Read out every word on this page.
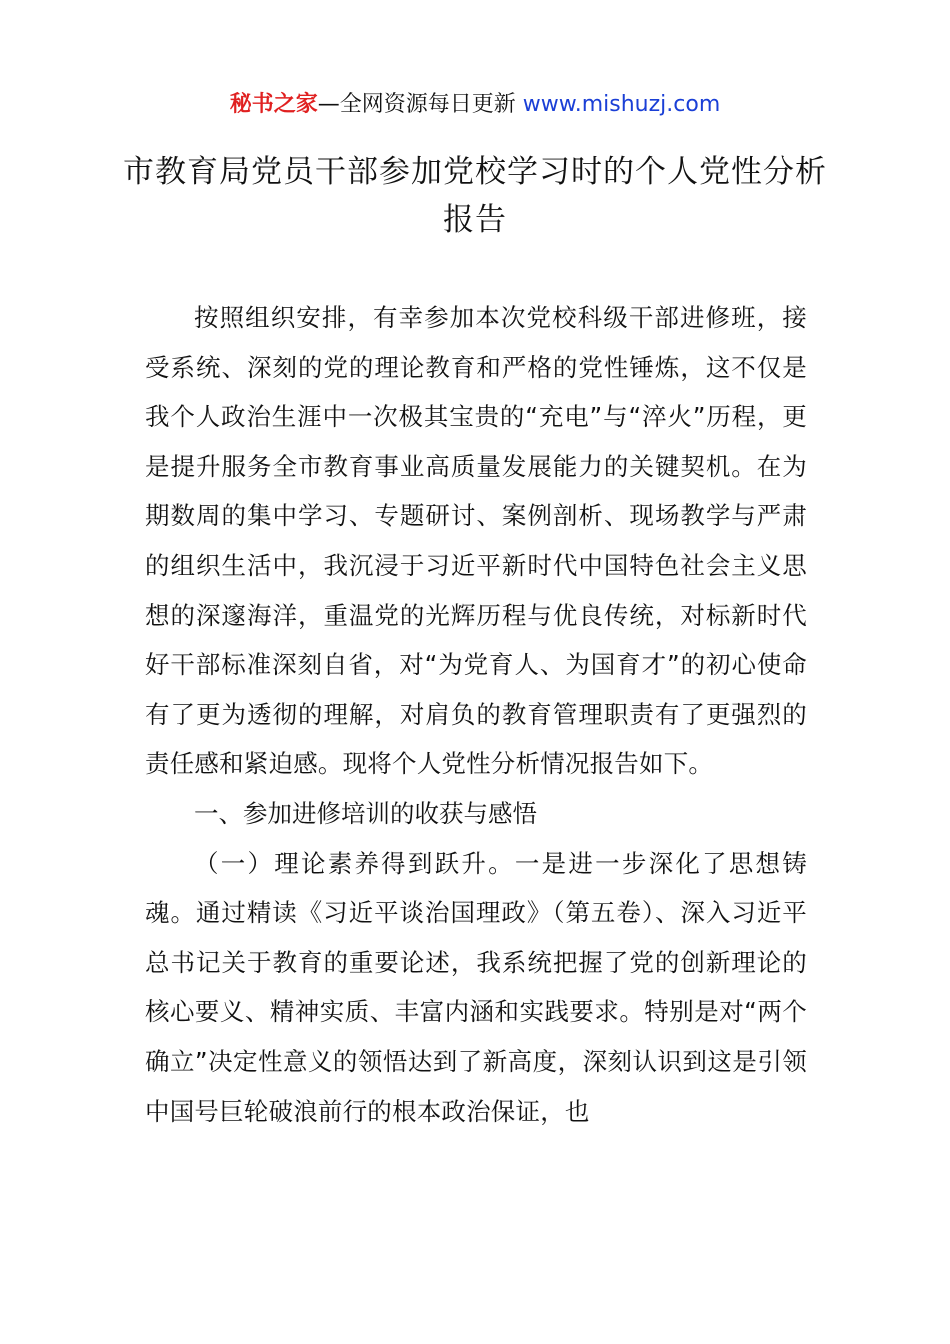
秘书之家—全网资源每日更新 www.mishuzj.com
市教育局党员干部参加党校学习时的个人党性分析报告

按照组织安排，有幸参加本次党校科级干部进修班，接受系统、深刻的党的理论教育和严格的党性锤炼，这不仅是我个人政治生涯中一次极其宝贵的“充电”与“淬火”历程，更是提升服务全市教育事业高质量发展能力的关键契机。在为期数周的集中学习、专题研讨、案例剖析、现场教学与严肃的组织生活中，我沉浸于习近平新时代中国特色社会主义思想的深邃海洋，重温党的光辉历程与优良传统，对标新时代好干部标准深刻自省，对“为党育人、为国育才”的初心使命有了更为透彻的理解，对肩负的教育管理职责有了更强烈的责任感和紧迫感。现将个人党性分析情况报告如下。

一、参加进修培训的收获与感悟

（一）理论素养得到跃升。一是进一步深化了思想铸魂。通过精读《习近平谈治国理政》（第五卷）、深入习近平总书记关于教育的重要论述，我系统把握了党的创新理论的核心要义、精神实质、丰富内涵和实践要求。特别是对“两个确立”决定性意义的领悟达到了新高度，深刻认识到这是引领中国号巨轮破浪前行的根本政治保证，也
